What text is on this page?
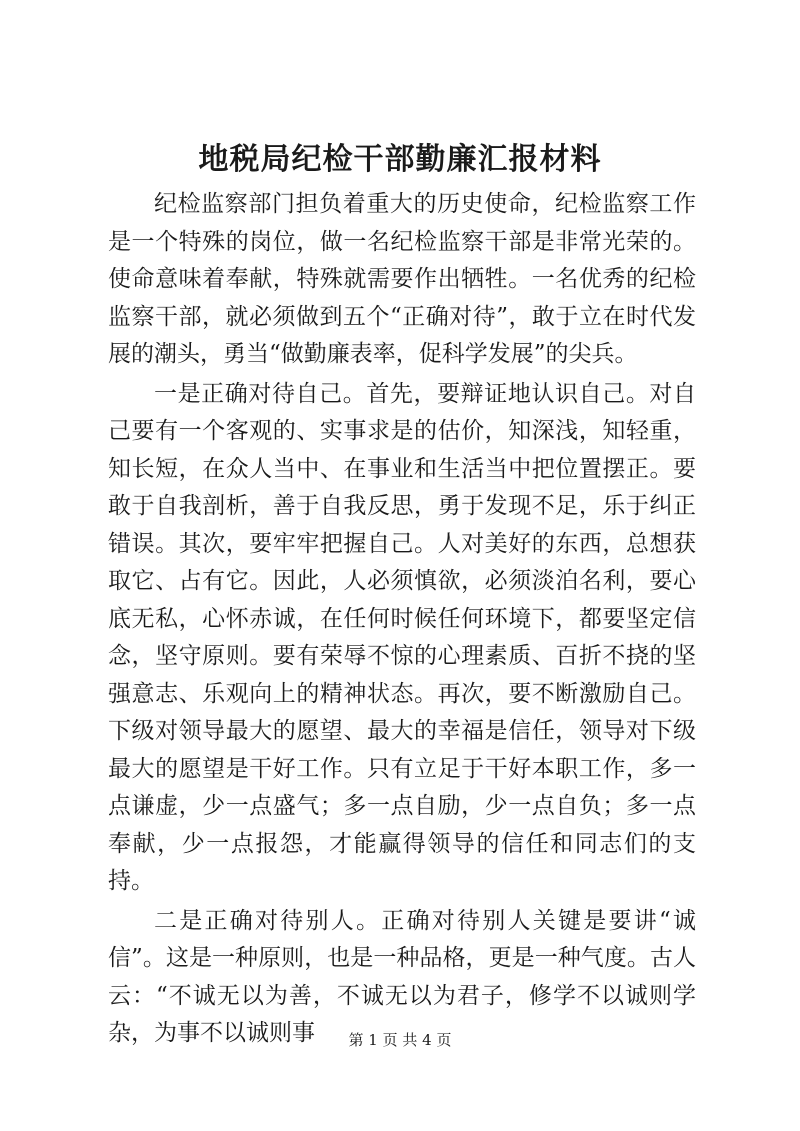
地税局纪检干部勤廉汇报材料

纪检监察部门担负着重大的历史使命，纪检监察工作是一个特殊的岗位，做一名纪检监察干部是非常光荣的。使命意味着奉献，特殊就需要作出牺牲。一名优秀的纪检监察干部，就必须做到五个“正确对待”，敢于立在时代发展的潮头，勇当“做勤廉表率，促科学发展”的尖兵。

一是正确对待自己。首先，要辩证地认识自己。对自己要有一个客观的、实事求是的估价，知深浅，知轻重，知长短，在众人当中、在事业和生活当中把位置摆正。要敢于自我剖析，善于自我反思，勇于发现不足，乐于纠正错误。其次，要牢牢把握自己。人对美好的东西，总想获取它、占有它。因此，人必须慎欲，必须淡泊名利，要心底无私，心怀赤诚，在任何时候任何环境下，都要坚定信念，坚守原则。要有荣辱不惊的心理素质、百折不挠的坚强意志、乐观向上的精神状态。再次，要不断激励自己。下级对领导最大的愿望、最大的幸福是信任，领导对下级最大的愿望是干好工作。只有立足于干好本职工作，多一点谦虚，少一点盛气；多一点自励，少一点自负；多一点奉献，少一点报怨，才能赢得领导的信任和同志们的支持。

二是正确对待别人。正确对待别人关键是要讲“诚信”。这是一种原则，也是一种品格，更是一种气度。古人云：“不诚无以为善，不诚无以为君子，修学不以诚则学杂，为事不以诚则事	第 1 页 共 4 页
